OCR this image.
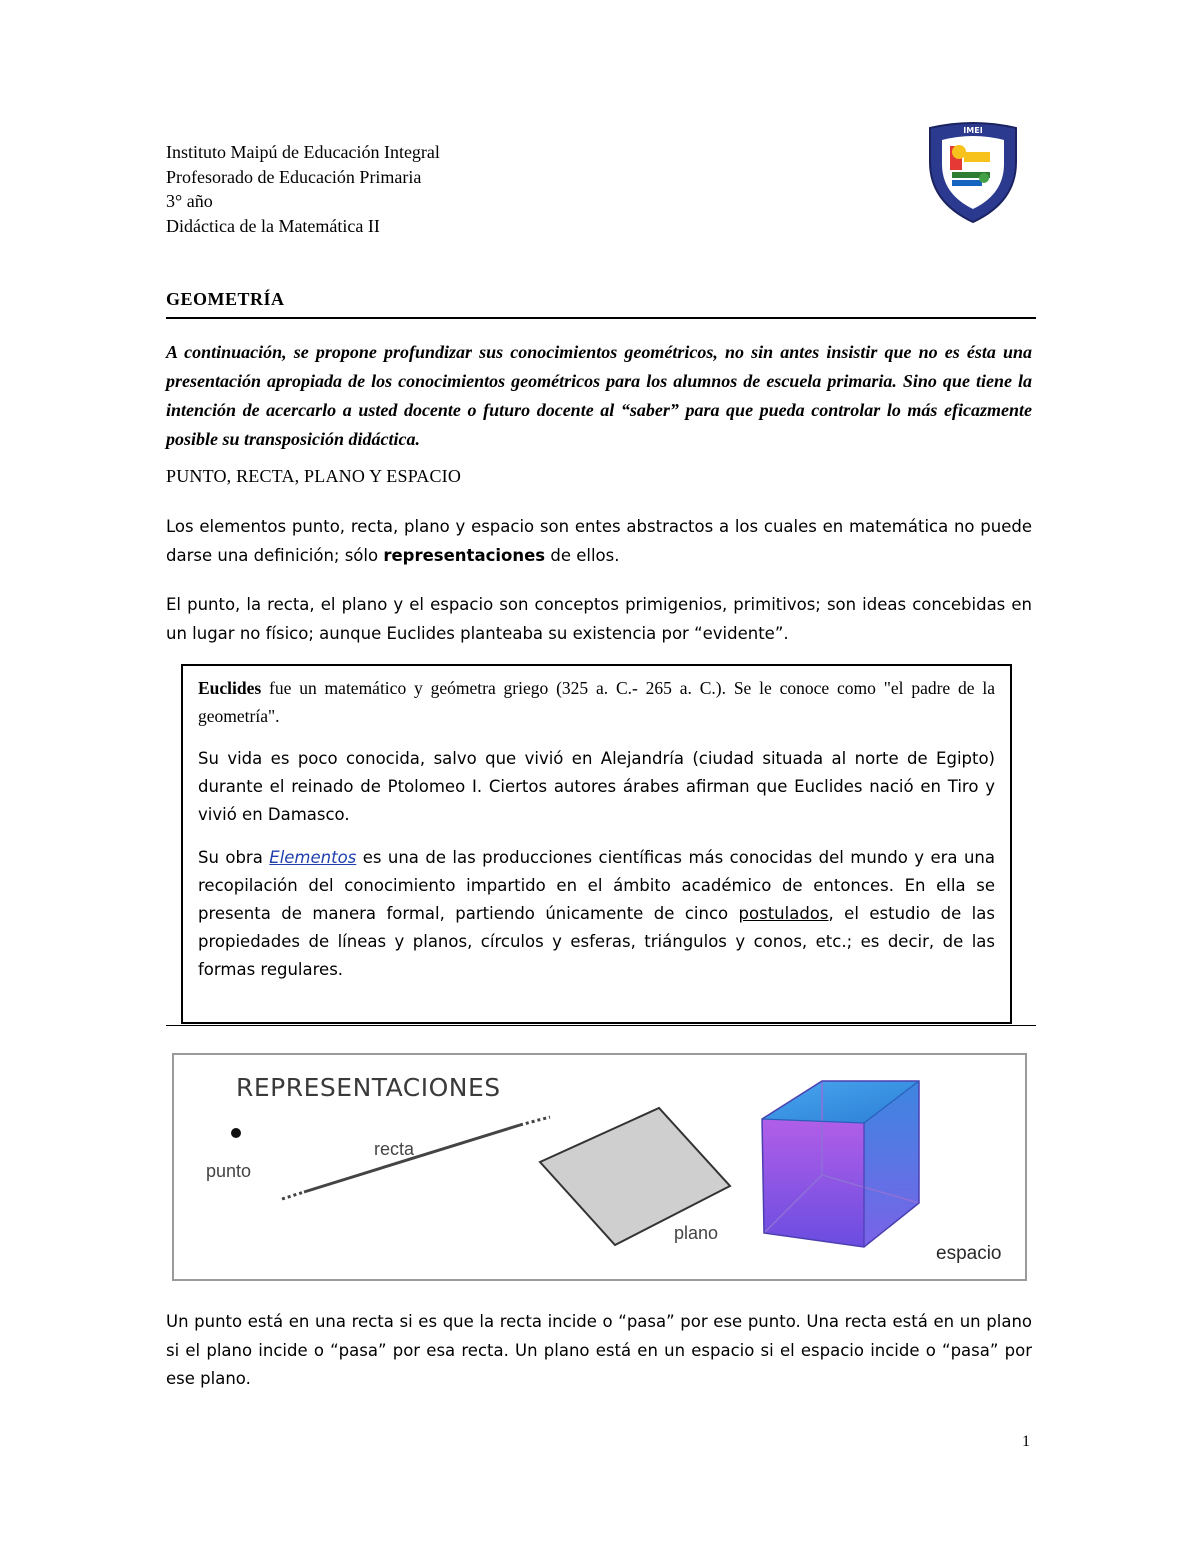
Instituto Maipú de Educación Integral
Profesorado de Educación Primaria
3° año
Didáctica de la Matemática II
IMEI
GEOMETRÍA

A continuación, se propone profundizar sus conocimientos geométricos, no sin antes insistir que no es ésta una presentación apropiada de los conocimientos geométricos para los alumnos de escuela primaria. Sino que tiene la intención de acercarlo a usted docente o futuro docente al “saber” para que pueda controlar lo más eficazmente posible su transposición didáctica.

PUNTO, RECTA, PLANO Y ESPACIO

Los elementos punto, recta, plano y espacio son entes abstractos a los cuales en matemática no puede darse una definición; sólo representaciones de ellos.

El punto, la recta, el plano y el espacio son conceptos primigenios, primitivos; son ideas concebidas en un lugar no físico; aunque Euclides planteaba su existencia por “evidente”.

Euclides fue un matemático y geómetra griego (325 a. C.- 265 a. C.). Se le conoce como "el padre de la geometría".

Su vida es poco conocida, salvo que vivió en Alejandría (ciudad situada al norte de Egipto) durante el reinado de Ptolomeo I. Ciertos autores árabes afirman que Euclides nació en Tiro y vivió en Damasco.

Su obra Elementos es una de las producciones científicas más conocidas del mundo y era una recopilación del conocimiento impartido en el ámbito académico de entonces. En ella se presenta de manera formal, partiendo únicamente de cinco postulados, el estudio de las propiedades de líneas y planos, círculos y esferas, triángulos y conos, etc.; es decir, de las formas regulares.

REPRESENTACIONES
punto
recta
plano
espacio

Un punto está en una recta si es que la recta incide o “pasa” por ese punto. Una recta está en un plano si el plano incide o “pasa” por esa recta. Un plano está en un espacio si el espacio incide o “pasa” por ese plano.

1
